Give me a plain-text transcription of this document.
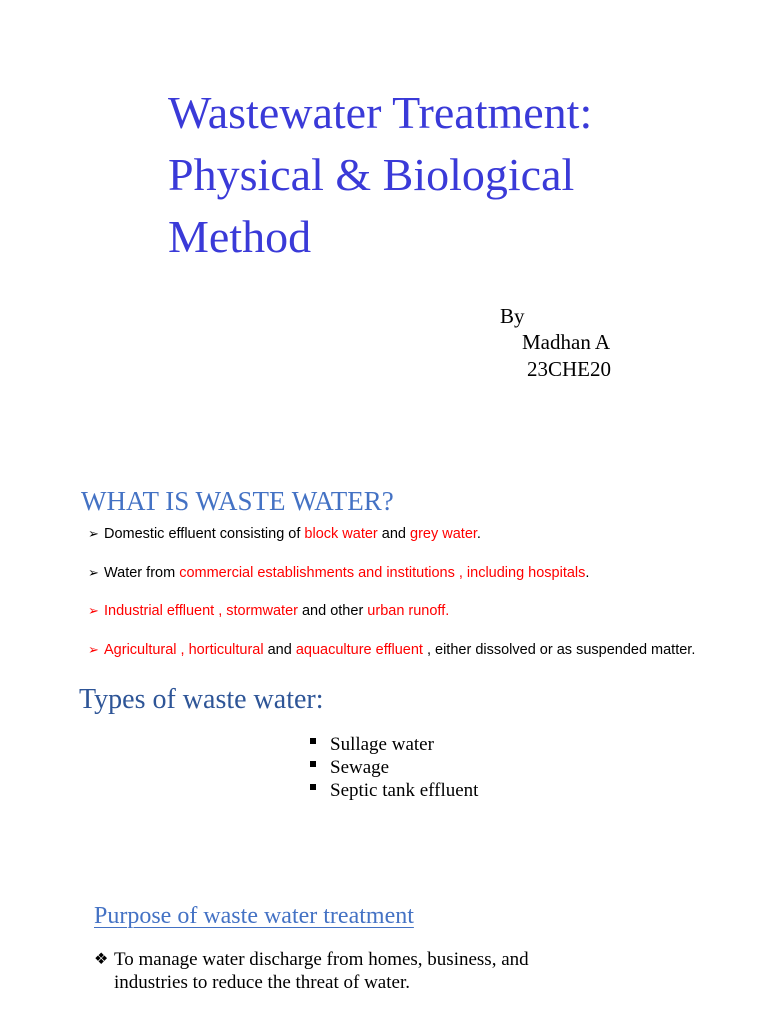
Wastewater Treatment:
Physical & Biological
Method
By
Madhan A
23CHE20
WHAT IS WASTE WATER?
➢ Domestic effluent consisting of block water and grey water.
➢ Water from commercial establishments and institutions , including hospitals.
➢ Industrial effluent , stormwater and other urban runoff.
➢ Agricultural , horticultural and aquaculture effluent , either dissolved or as suspended matter.
Types of waste water:
Sullage water
Sewage
Septic tank effluent
Purpose of waste water treatment
❖ To manage water discharge from homes, business, and industries to reduce the threat of water.
